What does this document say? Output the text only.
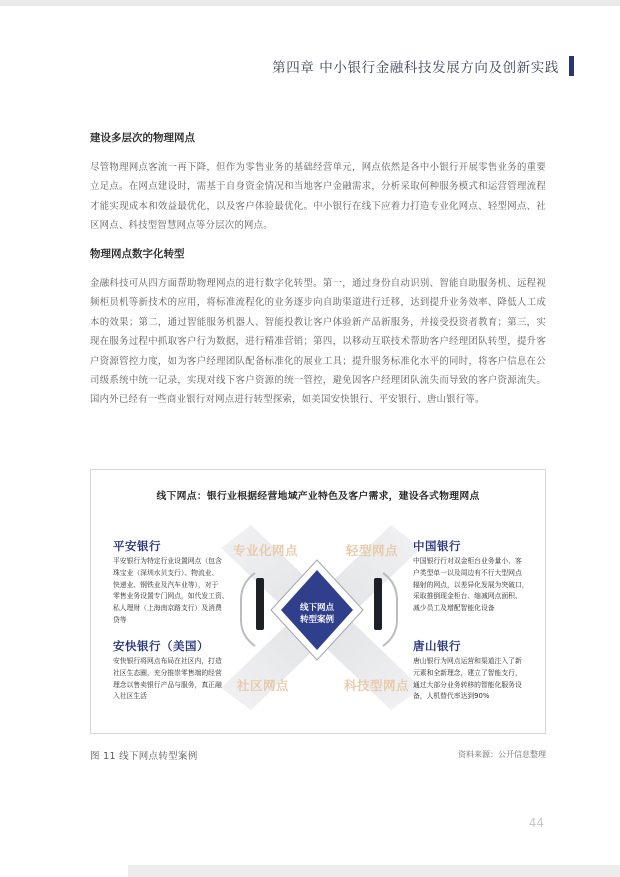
第四章 中小银行金融科技发展方向及创新实践
建设多层次的物理网点

尽管物理网点客流一再下降，但作为零售业务的基础经营单元，网点依然是各中小银行开展零售业务的重要立足点。在网点建设时，需基于自身资金情况和当地客户金融需求，分析采取何种服务模式和运营管理流程才能实现成本和效益最优化，以及客户体验最优化。中小银行在线下应着力打造专业化网点、轻型网点、社区网点、科技型智慧网点等分层次的网点。

物理网点数字化转型

金融科技可从四方面帮助物理网点的进行数字化转型。第一，通过身份自动识别、智能自助服务机、远程视频柜员机等新技术的应用，将标准流程化的业务逐步向自助渠道进行迁移，达到提升业务效率、降低人工成本的效果；第二，通过智能服务机器人、智能投教让客户体验新产品新服务，并接受投资者教育；第三，实现在服务过程中抓取客户行为数据，进行精准营销；第四，以移动互联技术帮助客户经理团队转型，提升客户资源管控力度，如为客户经理团队配备标准化的展业工具；提升服务标准化水平的同时，将客户信息在公司级系统中统一记录，实现对线下客户资源的统一管控，避免因客户经理团队流失而导致的客户资源流失。国内外已经有一些商业银行对网点进行转型探索，如美国安快银行、平安银行、唐山银行等。

线下网点：银行业根据经营地域产业特色及客户需求，建设各式物理网点
专业化网点	轻型网点
社区网点	科技型网点
线下网点
转型案例
平安银行
平安银行为特定行业设置网点（包含
珠宝业（深圳水贝支行）、物流业、
快递业、钢铁业及汽车业等），对于
零售业务设置专门网点，如代发工资、
私人理财（上海南京路支行）及消费
贷等
安快银行（美国）
安快银行将网点布局在社区内，打造
社区生态圈，充分推崇零售端的经营
理念以售卖银行产品与服务，真正融
入社区生活
中国银行
中国银行行对双金柜台业务量小、客
户类型单一以及周边有不行大型网点
辐射的网点，以差异化发展为突破口，
采取推倒现金柜台、缩减网点面积、
减少员工及增配智能化设备
唐山银行
唐山银行为网点运营和渠道注入了新
元素和全新理念，建立了智能支行，
通过大部分业务转移的智能化服务设
备，人机替代率达到90%
图 11 线下网点转型案例	资料来源：公开信息整理
44
